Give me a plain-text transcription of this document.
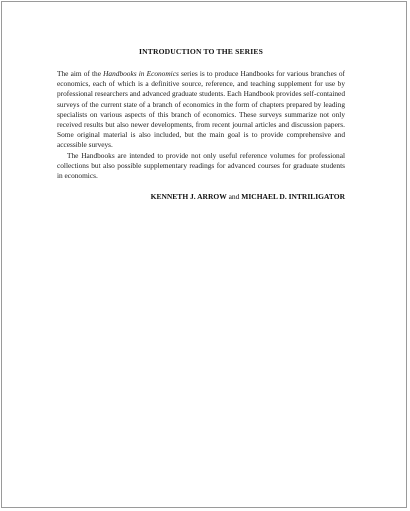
INTRODUCTION TO THE SERIES

The aim of the Handbooks in Economics series is to produce Handbooks for various branches of economics, each of which is a definitive source, reference, and teaching supplement for use by professional researchers and advanced graduate students. Each Handbook provides self-contained surveys of the current state of a branch of economics in the form of chapters prepared by leading specialists on various aspects of this branch of economics. These surveys summarize not only received results but also newer developments, from recent journal articles and discussion papers. Some original material is also included, but the main goal is to provide comprehensive and accessible surveys.

The Handbooks are intended to provide not only useful reference volumes for professional collections but also possible supplementary readings for advanced courses for graduate students in economics.

KENNETH J. ARROW and MICHAEL D. INTRILIGATOR
